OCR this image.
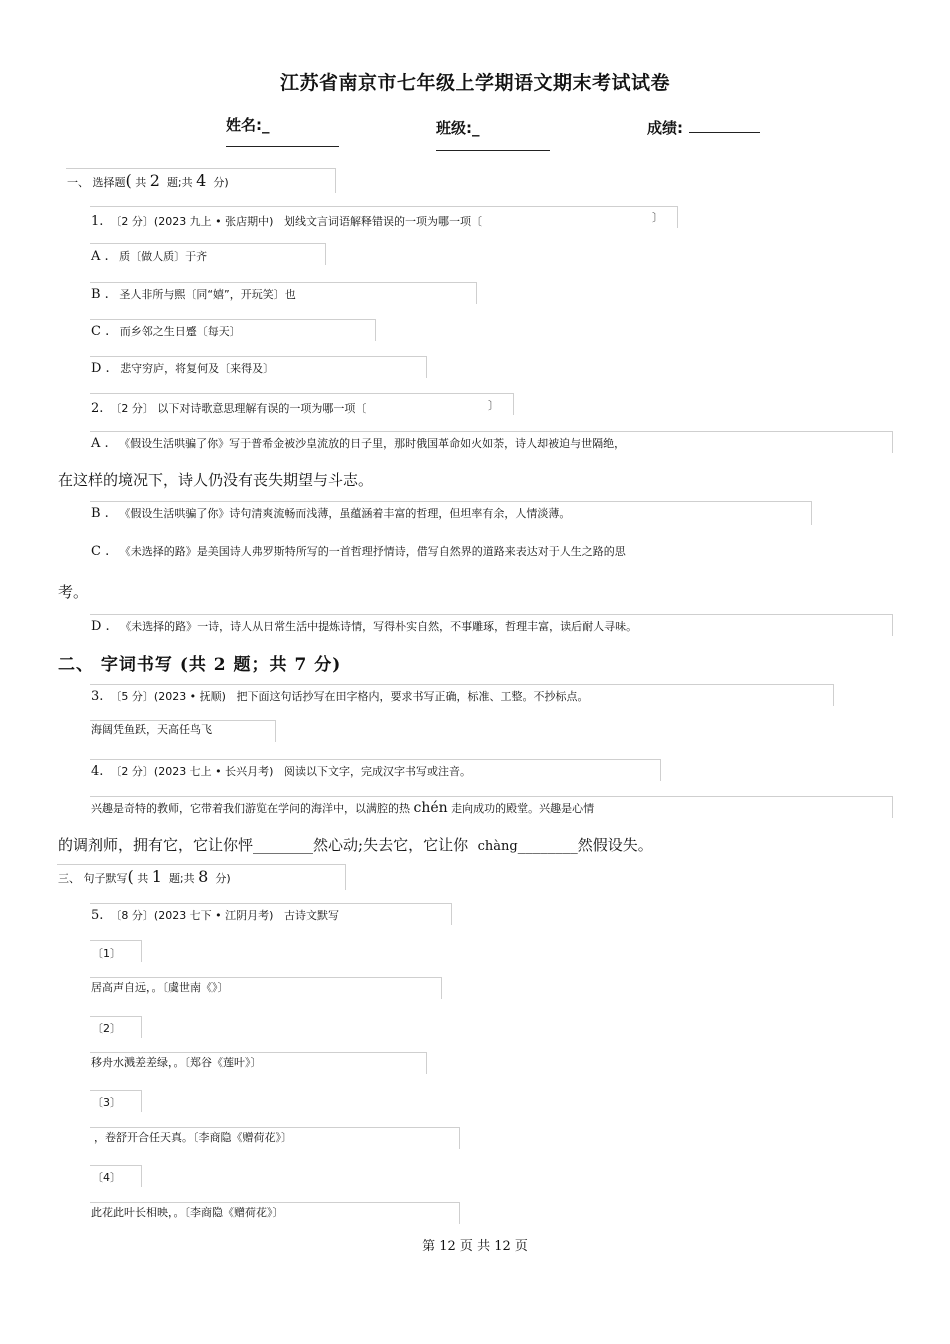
江苏省南京市七年级上学期语文期末考试试卷
姓名:_	班级:_	成绩:
一、 选择题( 共 2 题;共 4 分)
1. 〔2 分〕(2023 九上 • 张店期中) 划线文言词语解释错误的一项为哪一项〔	〕
A . 质〔做人质〕于齐
B . 圣人非所与熙〔同“嬉”，开玩笑〕也
C . 而乡邻之生日蹙〔每天〕
D . 悲守穷庐，将复何及〔来得及〕
2. 〔2 分〕 以下对诗歌意思理解有误的一项为哪一项〔	〕
A . 《假设生活哄骗了你》写于普希金被沙皇流放的日子里，那时俄国革命如火如荼，诗人却被迫与世隔绝，
在这样的境况下，诗人仍没有丧失期望与斗志。
B . 《假设生活哄骗了你》诗句清爽流畅而浅薄，虽蕴涵着丰富的哲理，但坦率有余，人情淡薄。
C . 《未选择的路》是美国诗人弗罗斯特所写的一首哲理抒情诗，借写自然界的道路来表达对于人生之路的思
考。
D . 《未选择的路》一诗，诗人从日常生活中提炼诗情，写得朴实自然，不事雕琢，哲理丰富，读后耐人寻味。
二、 字词书写 (共 2 题；共 7 分)
3. 〔5 分〕(2023 • 抚顺) 把下面这句话抄写在田字格内，要求书写正确，标准、工整。不抄标点。
海阔凭鱼跃，天高任鸟飞
4. 〔2 分〕(2023 七上 • 长兴月考) 阅读以下文字，完成汉字书写或注音。
兴趣是奇特的教师，它带着我们游览在学问的海洋中，以满腔的热 chén 走向成功的殿堂。兴趣是心情
的调剂师，拥有它，它让你怦________然心动;失去它，它让你 chàng________然假设失。
三、 句子默写( 共 1 题;共 8 分)
5. 〔8 分〕(2023 七下 • 江阴月考) 古诗文默写
〔1〕
居高声自远，。〔虞世南《》〕
〔2〕
移舟水溅差差绿，。〔郑谷《莲叶》〕
〔3〕
，卷舒开合任天真。〔李商隐《赠荷花》〕
〔4〕
此花此叶长相映，。〔李商隐《赠荷花》〕
第 12 页 共 12 页
